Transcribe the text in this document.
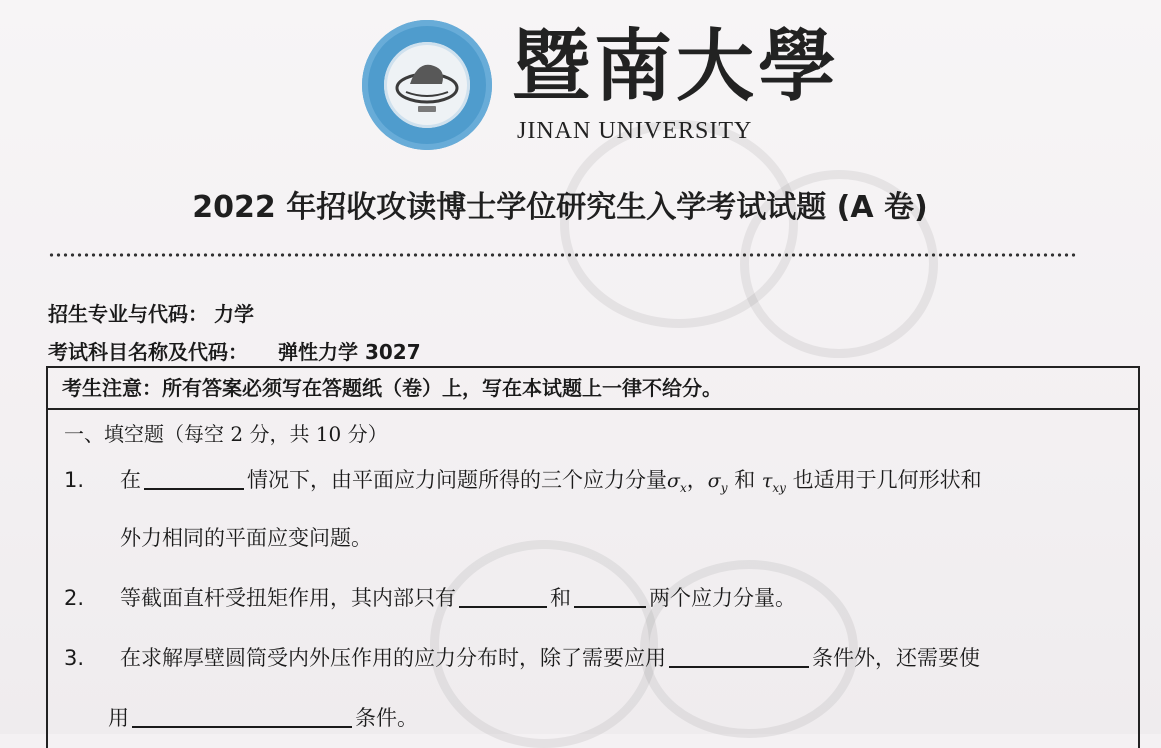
暨南大學
JINAN UNIVERSITY
2022 年招收攻读博士学位研究生入学考试试题 (A 卷)
招生专业与代码： 力学
考试科目名称及代码： 弹性力学 3027
考生注意：所有答案必须写在答题纸（卷）上，写在本试题上一律不给分。
一、填空题（每空 2 分，共 10 分）
1. 在	情况下，由平面应力问题所得的三个应力分量$\sigma_x$，$\sigma_y$ 和 $\tau_{xy}$ 也适用于几何形状和
外力相同的平面应变问题。
2. 等截面直杆受扭矩作用，其内部只有	和	两个应力分量。
3. 在求解厚壁圆筒受内外压作用的应力分布时，除了需要应用	条件外，还需要使
用	条件。
